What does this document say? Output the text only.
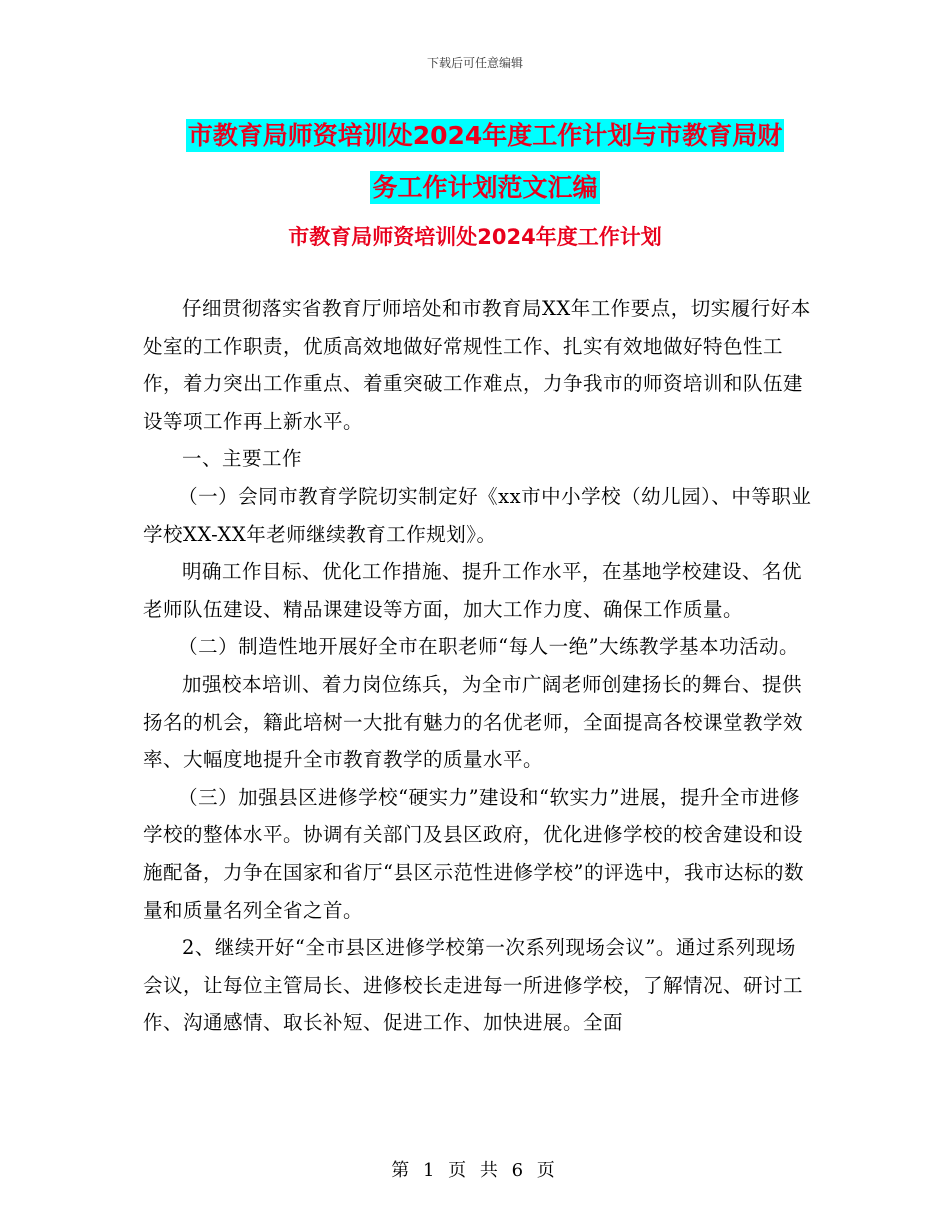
下载后可任意编辑
市教育局师资培训处2024年度工作计划与市教育局财
务工作计划范文汇编
市教育局师资培训处2024年度工作计划

仔细贯彻落实省教育厅师培处和市教育局XX年工作要点，切实履行好本处室的工作职责，优质高效地做好常规性工作、扎实有效地做好特色性工作，着力突出工作重点、着重突破工作难点，力争我市的师资培训和队伍建设等项工作再上新水平。

一、主要工作

（一）会同市教育学院切实制定好《xx市中小学校（幼儿园）、中等职业学校XX-XX年老师继续教育工作规划》。

明确工作目标、优化工作措施、提升工作水平，在基地学校建设、名优老师队伍建设、精品课建设等方面，加大工作力度、确保工作质量。

（二）制造性地开展好全市在职老师“每人一绝”大练教学基本功活动。

加强校本培训、着力岗位练兵，为全市广阔老师创建扬长的舞台、提供扬名的机会，籍此培树一大批有魅力的名优老师，全面提高各校课堂教学效率、大幅度地提升全市教育教学的质量水平。

（三）加强县区进修学校“硬实力”建设和“软实力”进展，提升全市进修学校的整体水平。协调有关部门及县区政府，优化进修学校的校舍建设和设施配备，力争在国家和省厅“县区示范性进修学校”的评选中，我市达标的数量和质量名列全省之首。

2、继续开好“全市县区进修学校第一次系列现场会议”。通过系列现场会议，让每位主管局长、进修校长走进每一所进修学校，了解情况、研讨工作、沟通感情、取长补短、促进工作、加快进展。全面

第 1 页 共 6 页
